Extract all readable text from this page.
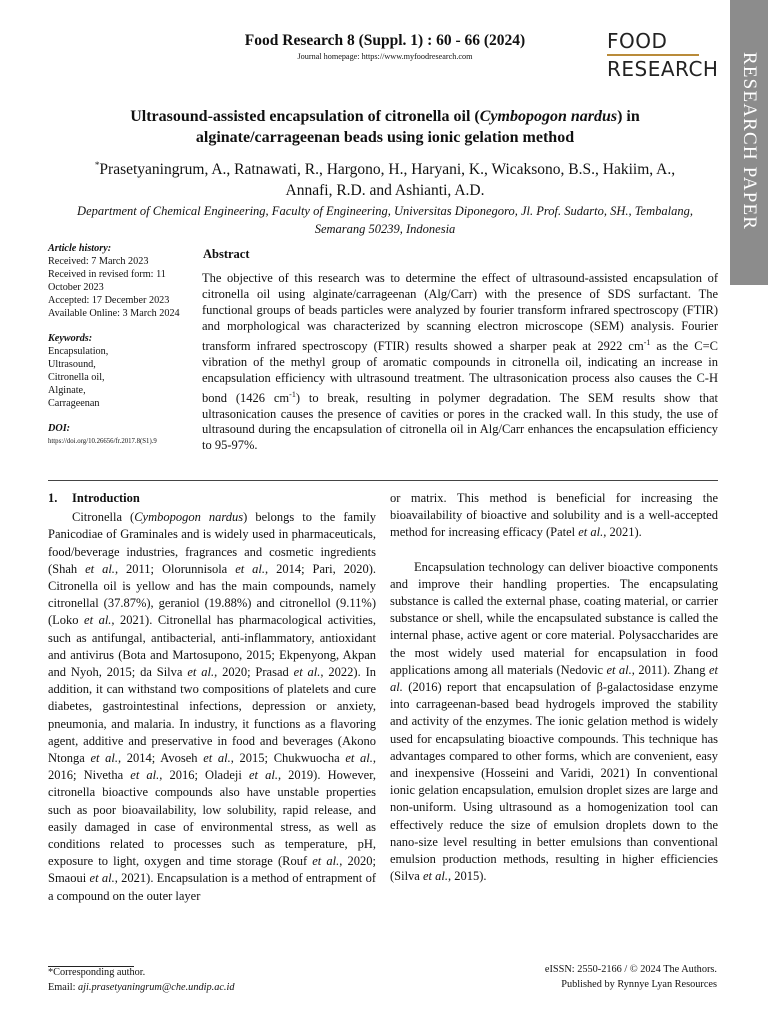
Food Research 8 (Suppl. 1) : 60 - 66 (2024)
Journal homepage: https://www.myfoodresearch.com
FOOD
RESEARCH	RESEARCH PAPER
Ultrasound-assisted encapsulation of citronella oil (Cymbopogon nardus) in alginate/carrageenan beads using ionic gelation method
*Prasetyaningrum, A., Ratnawati, R., Hargono, H., Haryani, K., Wicaksono, B.S., Hakiim, A., Annafi, R.D. and Ashianti, A.D.
Department of Chemical Engineering, Faculty of Engineering, Universitas Diponegoro, Jl. Prof. Sudarto, SH., Tembalang, Semarang 50239, Indonesia
Article history:
Received: 7 March 2023
Received in revised form: 11 October 2023
Accepted: 17 December 2023
Available Online: 3 March 2024
Keywords:
Encapsulation,
Ultrasound,
Citronella oil,
Alginate,
Carrageenan
DOI:
https://doi.org/10.26656/fr.2017.8(S1).9
Abstract
The objective of this research was to determine the effect of ultrasound-assisted encapsulation of citronella oil using alginate/carrageenan (Alg/Carr) with the presence of SDS surfactant. The functional groups of beads particles were analyzed by fourier transform infrared spectroscopy (FTIR) and morphological was characterized by scanning electron microscope (SEM) analysis. Fourier transform infrared spectroscopy (FTIR) results showed a sharper peak at 2922 $cm^{-1}$ as the C=C vibration of the methyl group of aromatic compounds in citronella oil, indicating an increase in encapsulation efficiency with ultrasound treatment. The ultrasonication process also causes the C-H bond (1426 $cm^{-1}$) to break, resulting in polymer degradation. The SEM results show that ultrasonication causes the presence of cavities or pores in the cracked wall. In this study, the use of ultrasound during the encapsulation of citronella oil in Alg/Carr enhances the encapsulation efficiency to 95-97%.
1. Introduction

Citronella (Cymbopogon nardus) belongs to the family Panicodiae of Graminales and is widely used in pharmaceuticals, food/beverage industries, fragrances and cosmetic ingredients (Shah et al., 2011; Olorunnisola et al., 2014; Pari, 2020). Citronella oil is yellow and has the main compounds, namely citronellal (37.87%), geraniol (19.88%) and citronellol (9.11%) (Loko et al., 2021). Citronellal has pharmacological activities, such as antifungal, antibacterial, anti-inflammatory, antioxidant and antivirus (Bota and Martosupono, 2015; Ekpenyong, Akpan and Nyoh, 2015; da Silva et al., 2020; Prasad et al., 2022). In addition, it can withstand two compositions of platelets and cure diabetes, gastrointestinal infections, depression or anxiety, pneumonia, and malaria. In industry, it functions as a flavoring agent, additive and preservative in food and beverages (Akono Ntonga et al., 2014; Avoseh et al., 2015; Chukwuocha et al., 2016; Nivetha et al., 2016; Oladeji et al., 2019). However, citronella bioactive compounds also have unstable properties such as poor bioavailability, low solubility, rapid release, and easily damaged in case of environmental stress, as well as conditions related to processes such as temperature, pH, exposure to light, oxygen and time storage (Rouf et al., 2020; Smaoui et al., 2021). Encapsulation is a method of entrapment of a compound on the outer layer

or matrix. This method is beneficial for increasing the bioavailability of bioactive and solubility and is a well-accepted method for increasing efficacy (Patel et al., 2021).

Encapsulation technology can deliver bioactive components and improve their handling properties. The encapsulating substance is called the external phase, coating material, or carrier substance or shell, while the encapsulated substance is called the internal phase, active agent or core material. Polysaccharides are the most widely used material for encapsulation in food applications among all materials (Nedovic et al., 2011). Zhang et al. (2016) report that encapsulation of β-galactosidase enzyme into carrageenan-based bead hydrogels improved the stability and activity of the enzymes. The ionic gelation method is widely used for encapsulating bioactive compounds. This technique has advantages compared to other forms, which are convenient, easy and inexpensive (Hosseini and Varidi, 2021) In conventional ionic gelation encapsulation, emulsion droplet sizes are large and non-uniform. Using ultrasound as a homogenization tool can effectively reduce the size of emulsion droplets down to the nano-size level resulting in better emulsions than conventional emulsion production methods, resulting in higher efficiencies (Silva et al., 2015).

*Corresponding author.
Email: aji.prasetyaningrum@che.undip.ac.id
eISSN: 2550-2166 / © 2024 The Authors.
Published by Rynnye Lyan Resources
